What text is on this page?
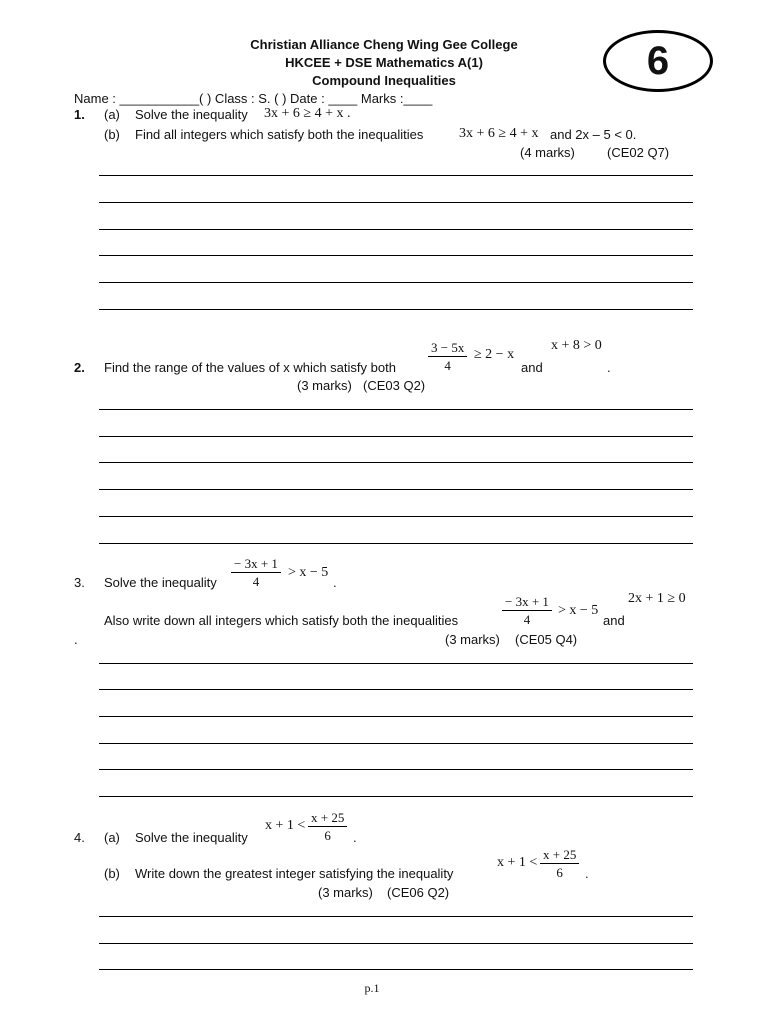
Christian Alliance Cheng Wing Gee College
HKCEE + DSE Mathematics A(1)
Compound Inequalities	6
Name : ___________( ) Class : S. ( ) Date : ____ Marks :____
1. (a) Solve the inequality 3x + 6 ≥ 4 + x .
(b) Find all integers which satisfy both the inequalities	3x + 6 ≥ 4 + x and 2x – 5 < 0.
(4 marks) (CE02 Q7)
2. Find the range of the values of x which satisfy both $\frac{3 - 5x}{4} \ge 2 - x$
and
x + 8 > 0
.
(3 marks) (CE03 Q2)
3. Solve the inequality $\frac{- 3x + 1}{4} > x - 5$
.
Also write down all integers which satisfy both the inequalities	$\frac{- 3x + 1}{4} > x - 5$
and
2x + 1 ≥ 0
.	(3 marks) (CE05 Q4)
4. (a) Solve the inequality
$x + 1 < \frac{x + 25}{6}$ .
(b) Write down the greatest integer satisfying the inequality
$x + 1 < \frac{x + 25}{6}$ .
(3 marks) (CE06 Q2)
p.1
